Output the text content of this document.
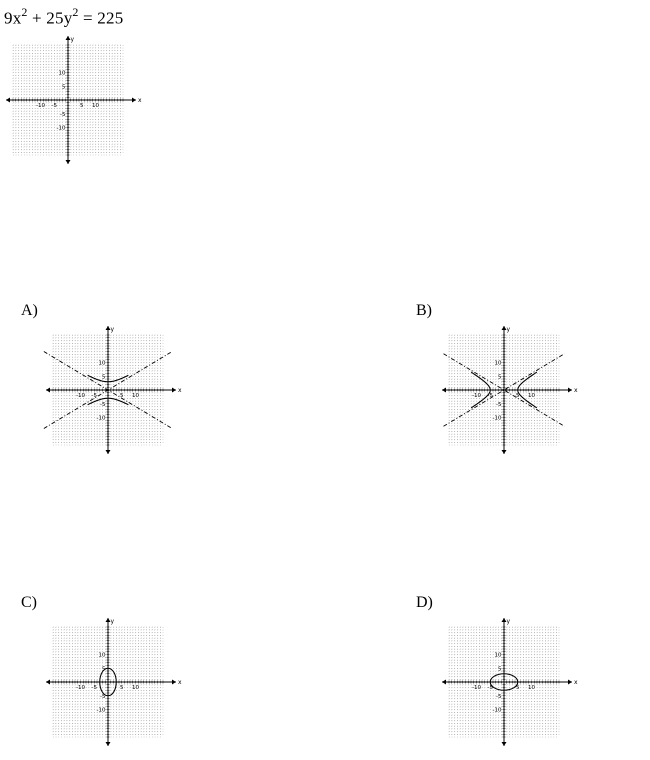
$9x^2 + 25y^2 = 225$
-10 -5	5 10
10
5
-5
-10
x
y
A)
-10 -5	5 10
10
5
-5
-10
x
y
B)
-10 -5	5 10
10
5
-5
-10
x
y
C)
-10 -5	5 10
10
5
-5
-10
x
y
D)
-10 -5	5 10
10
5
-5
-10
x
y
